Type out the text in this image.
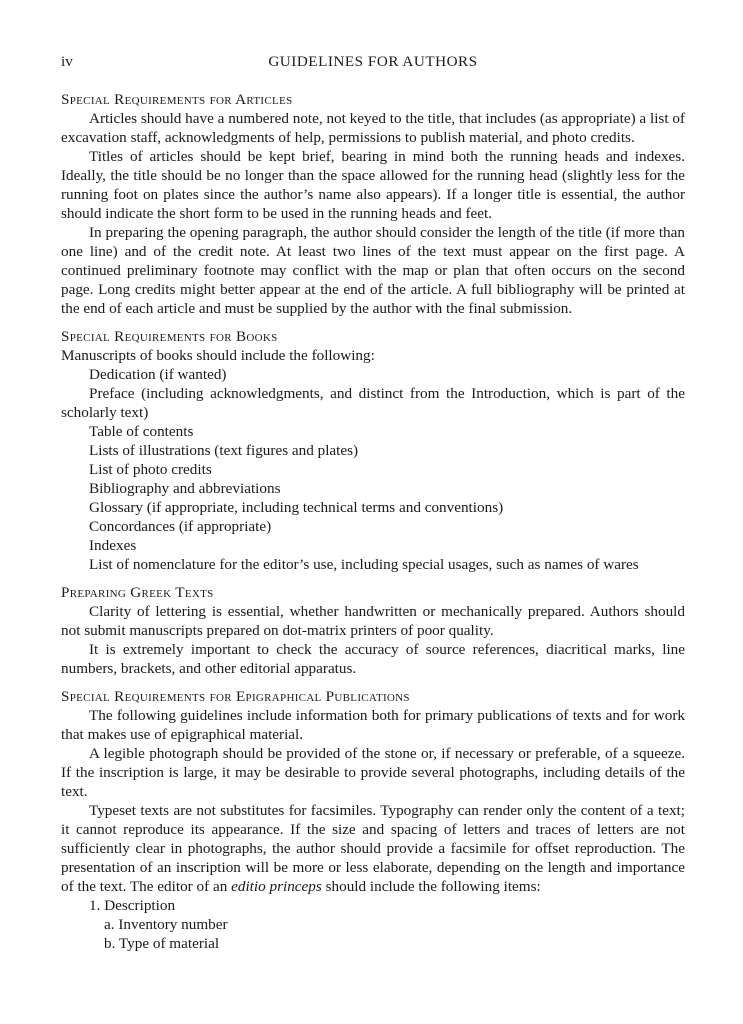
iv	GUIDELINES FOR AUTHORS
Special Requirements for Articles

Articles should have a numbered note, not keyed to the title, that includes (as appropriate) a list of excavation staff, acknowledgments of help, permissions to publish material, and photo credits.

Titles of articles should be kept brief, bearing in mind both the running heads and indexes. Ideally, the title should be no longer than the space allowed for the running head (slightly less for the running foot on plates since the author’s name also appears). If a longer title is essential, the author should indicate the short form to be used in the running heads and feet.

In preparing the opening paragraph, the author should consider the length of the title (if more than one line) and of the credit note. At least two lines of the text must appear on the first page. A continued preliminary footnote may conflict with the map or plan that often occurs on the second page. Long credits might better appear at the end of the article. A full bibliography will be printed at the end of each article and must be supplied by the author with the final submission.

Special Requirements for Books

Manuscripts of books should include the following:

Dedication (if wanted)
Preface (including acknowledgments, and distinct from the Introduction, which is part of the scholarly text)
Table of contents
Lists of illustrations (text figures and plates)
List of photo credits
Bibliography and abbreviations
Glossary (if appropriate, including technical terms and conventions)
Concordances (if appropriate)
Indexes
List of nomenclature for the editor’s use, including special usages, such as names of wares
Preparing Greek Texts

Clarity of lettering is essential, whether handwritten or mechanically prepared. Authors should not submit manuscripts prepared on dot-matrix printers of poor quality.

It is extremely important to check the accuracy of source references, diacritical marks, line numbers, brackets, and other editorial apparatus.

Special Requirements for Epigraphical Publications

The following guidelines include information both for primary publications of texts and for work that makes use of epigraphical material.

A legible photograph should be provided of the stone or, if necessary or preferable, of a squeeze. If the inscription is large, it may be desirable to provide several photographs, including details of the text.

Typeset texts are not substitutes for facsimiles. Typography can render only the content of a text; it cannot reproduce its appearance. If the size and spacing of letters and traces of letters are not sufficiently clear in photographs, the author should provide a facsimile for offset reproduction. The presentation of an inscription will be more or less elaborate, depending on the length and importance of the text. The editor of an editio princeps should include the following items:

1. Description
a. Inventory number
b. Type of material
